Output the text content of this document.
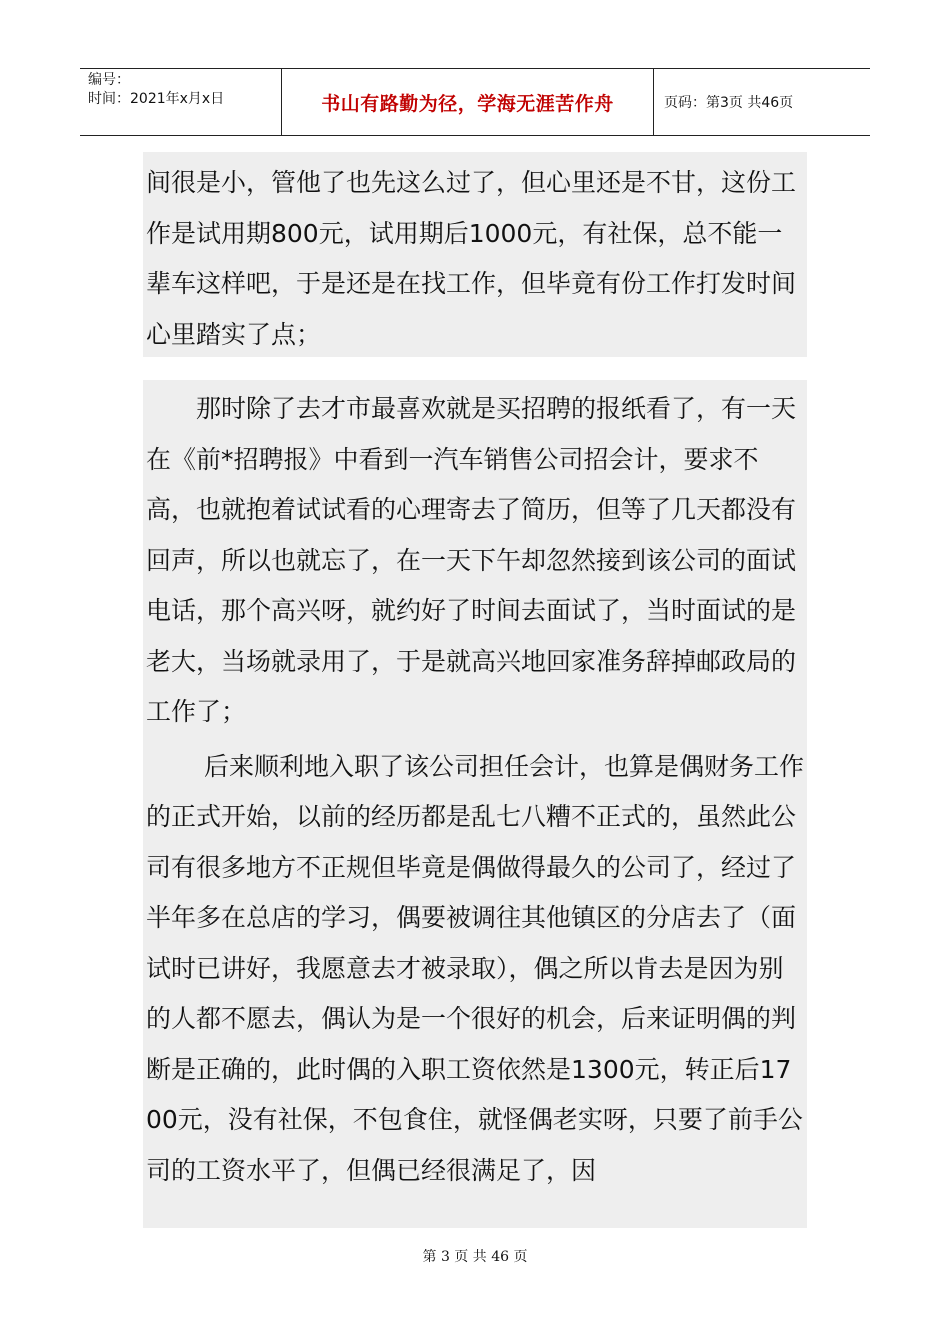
编号：
时间：2021年x月x日	书山有路勤为径，学海无涯苦作舟	页码：第3页 共46页

间很是小，管他了也先这么过了，但心里还是不甘，这份工作是试用期800元，试用期后1000元，有社保，总不能一辈车这样吧，于是还是在找工作，但毕竟有份工作打发时间心里踏实了点；

　　那时除了去才市最喜欢就是买招聘的报纸看了，有一天在《前*招聘报》中看到一汽车销售公司招会计，要求不高，也就抱着试试看的心理寄去了简历，但等了几天都没有回声，所以也就忘了，在一天下午却忽然接到该公司的面试电话，那个高兴呀，就约好了时间去面试了，当时面试的是老大，当场就录用了，于是就高兴地回家准务辞掉邮政局的工作了；

　　 后来顺利地入职了该公司担任会计，也算是偶财务工作的正式开始，以前的经历都是乱七八糟不正式的，虽然此公司有很多地方不正规但毕竟是偶做得最久的公司了，经过了半年多在总店的学习，偶要被调往其他镇区的分店去了（面试时已讲好，我愿意去才被录取），偶之所以肯去是因为别的人都不愿去，偶认为是一个很好的机会，后来证明偶的判断是正确的，此时偶的入职工资依然是1300元，转正后1700元，没有社保，不包食住，就怪偶老实呀，只要了前手公司的工资水平了，但偶已经很满足了，因

第 3 页 共 46 页
